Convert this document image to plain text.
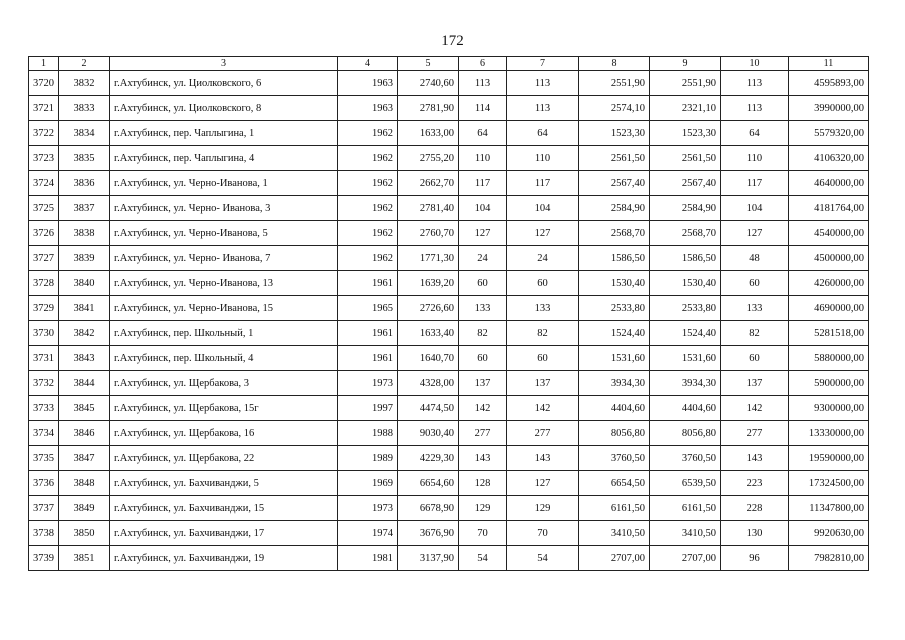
172
1	2	3	4	5	6	7	8	9	10	11
3720	3832	г.Ахтубинск, ул. Циолковского, 6	1963	2740,60	113	113	2551,90	2551,90	113	4595893,00
3721	3833	г.Ахтубинск, ул. Циолковского, 8	1963	2781,90	114	113	2574,10	2321,10	113	3990000,00
3722	3834	г.Ахтубинск, пер. Чаплыгина, 1	1962	1633,00	64	64	1523,30	1523,30	64	5579320,00
3723	3835	г.Ахтубинск, пер. Чаплыгина, 4	1962	2755,20	110	110	2561,50	2561,50	110	4106320,00
3724	3836	г.Ахтубинск, ул. Черно-Иванова, 1	1962	2662,70	117	117	2567,40	2567,40	117	4640000,00
3725	3837	г.Ахтубинск, ул. Черно- Иванова, 3	1962	2781,40	104	104	2584,90	2584,90	104	4181764,00
3726	3838	г.Ахтубинск, ул. Черно-Иванова, 5	1962	2760,70	127	127	2568,70	2568,70	127	4540000,00
3727	3839	г.Ахтубинск, ул. Черно- Иванова, 7	1962	1771,30	24	24	1586,50	1586,50	48	4500000,00
3728	3840	г.Ахтубинск, ул. Черно-Иванова, 13	1961	1639,20	60	60	1530,40	1530,40	60	4260000,00
3729	3841	г.Ахтубинск, ул. Черно-Иванова, 15	1965	2726,60	133	133	2533,80	2533,80	133	4690000,00
3730	3842	г.Ахтубинск, пер. Школьный, 1	1961	1633,40	82	82	1524,40	1524,40	82	5281518,00
3731	3843	г.Ахтубинск, пер. Школьный, 4	1961	1640,70	60	60	1531,60	1531,60	60	5880000,00
3732	3844	г.Ахтубинск, ул. Щербакова, 3	1973	4328,00	137	137	3934,30	3934,30	137	5900000,00
3733	3845	г.Ахтубинск, ул. Щербакова, 15г	1997	4474,50	142	142	4404,60	4404,60	142	9300000,00
3734	3846	г.Ахтубинск, ул. Щербакова, 16	1988	9030,40	277	277	8056,80	8056,80	277	13330000,00
3735	3847	г.Ахтубинск, ул. Щербакова, 22	1989	4229,30	143	143	3760,50	3760,50	143	19590000,00
3736	3848	г.Ахтубинск, ул. Бахчиванджи, 5	1969	6654,60	128	127	6654,50	6539,50	223	17324500,00
3737	3849	г.Ахтубинск, ул. Бахчиванджи, 15	1973	6678,90	129	129	6161,50	6161,50	228	11347800,00
3738	3850	г.Ахтубинск, ул. Бахчиванджи, 17	1974	3676,90	70	70	3410,50	3410,50	130	9920630,00
3739	3851	г.Ахтубинск, ул. Бахчиванджи, 19	1981	3137,90	54	54	2707,00	2707,00	96	7982810,00
